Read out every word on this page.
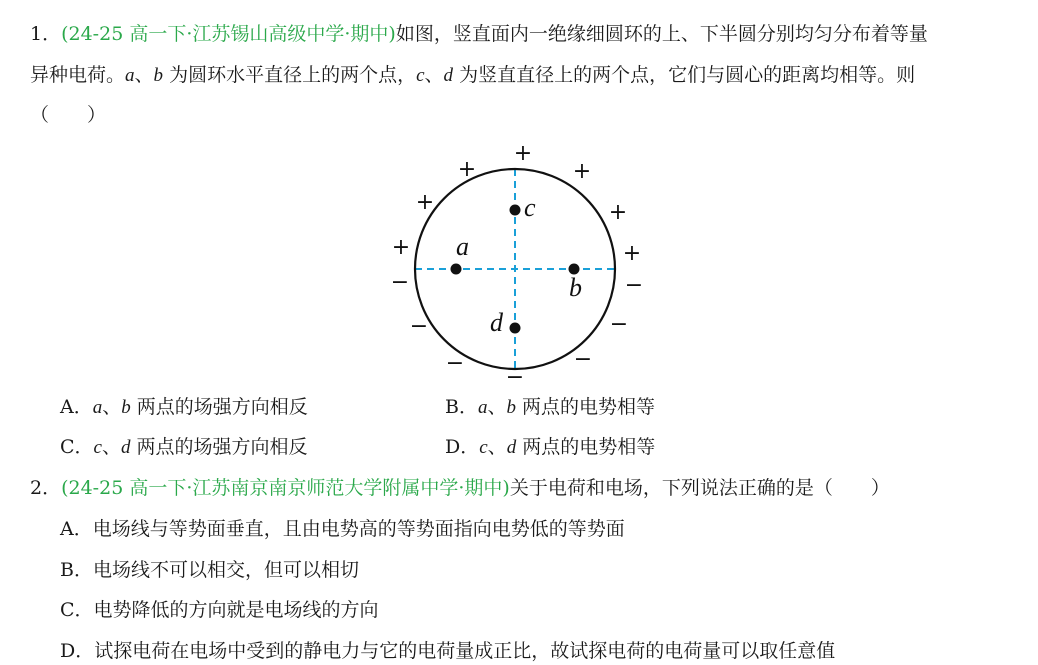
1．(24-25 高一下·江苏锡山高级中学·期中)如图，竖直面内一绝缘细圆环的上、下半圆分别均匀分布着等量
异种电荷。a、b 为圆环水平直径上的两个点，c、d 为竖直直径上的两个点，它们与圆心的距离均相等。则
（　　）
+
+	+
+	+
+	+
−	−
−	−
−	−
−
a
b
c
d
A．a、b 两点的场强方向相反	B．a、b 两点的电势相等
C．c、d 两点的场强方向相反	D．c、d 两点的电势相等
2．(24-25 高一下·江苏南京南京师范大学附属中学·期中)关于电荷和电场，下列说法正确的是（　　）
A．电场线与等势面垂直，且由电势高的等势面指向电势低的等势面
B．电场线不可以相交，但可以相切
C．电势降低的方向就是电场线的方向
D．试探电荷在电场中受到的静电力与它的电荷量成正比，故试探电荷的电荷量可以取任意值
